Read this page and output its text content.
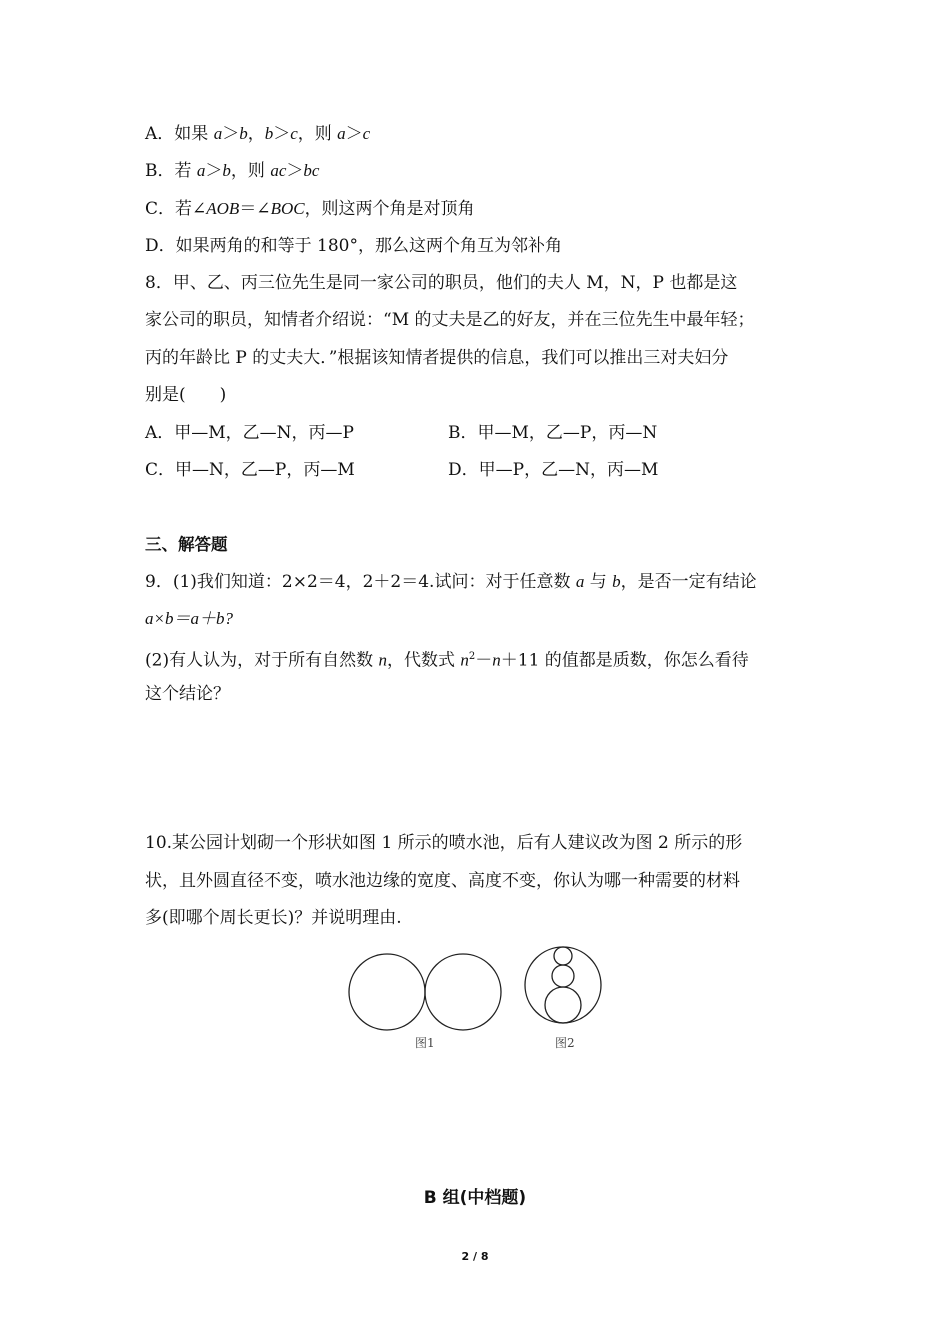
A．如果 a＞b，b＞c，则 a＞c
B．若 a＞b，则 ac＞bc
C．若∠AOB＝∠BOC，则这两个角是对顶角
D．如果两角的和等于 180°，那么这两个角互为邻补角
8．甲、乙、丙三位先生是同一家公司的职员，他们的夫人 M，N，P 也都是这
家公司的职员，知情者介绍说：“M 的丈夫是乙的好友，并在三位先生中最年轻；
丙的年龄比 P 的丈夫大．”根据该知情者提供的信息，我们可以推出三对夫妇分
别是(　　)
A．甲—M，乙—N，丙—P	B．甲—M，乙—P，丙—N
C．甲—N，乙—P，丙—M	D．甲—P，乙—N，丙—M
三、解答题
9．(1)我们知道：2×2＝4，2＋2＝4.试问：对于任意数 a 与 b，是否一定有结论
a×b＝a＋b?
(2)有人认为，对于所有自然数 n，代数式 $n^2-n+11$ 的值都是质数，你怎么看待
这个结论？
10.某公园计划砌一个形状如图 1 所示的喷水池，后有人建议改为图 2 所示的形
状，且外圆直径不变，喷水池边缘的宽度、高度不变，你认为哪一种需要的材料
多(即哪个周长更长)？并说明理由.
图1	图2
B 组(中档题)
2 / 8
